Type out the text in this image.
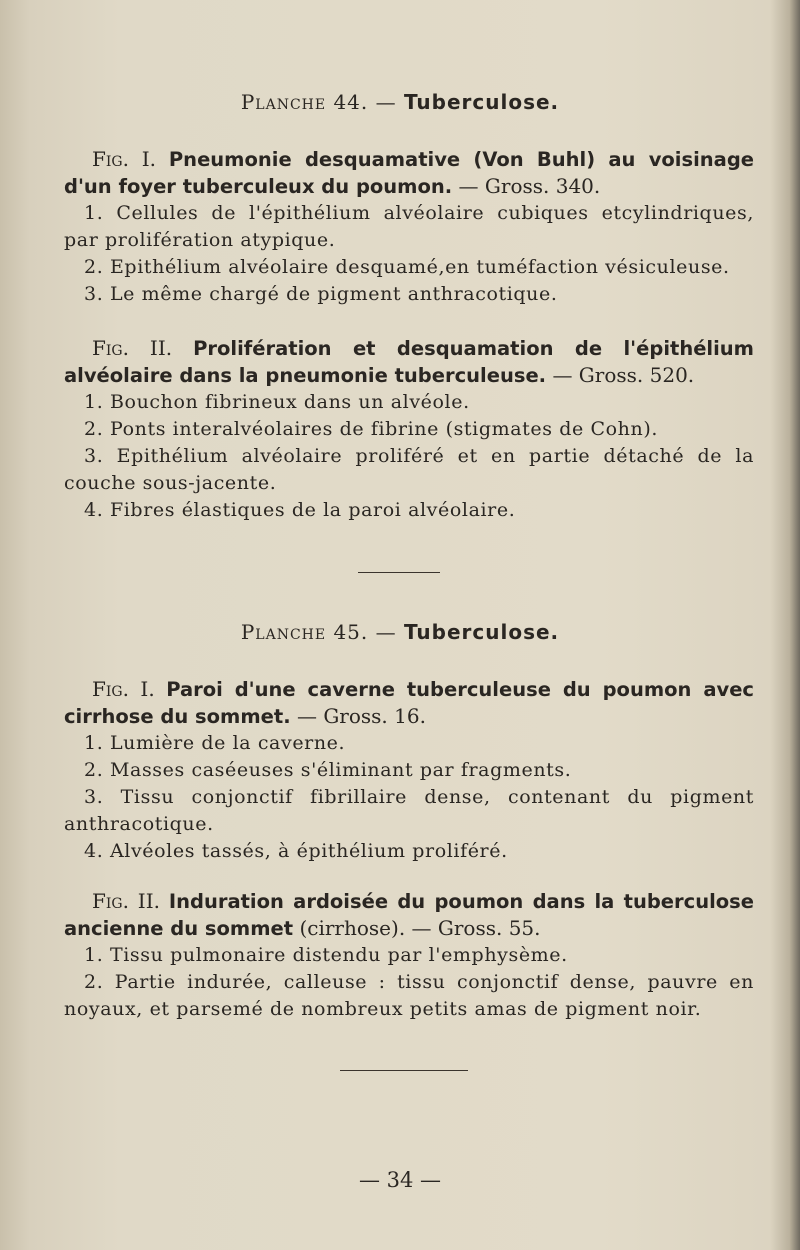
Planche 44. — Tuberculose.
Fig. I. Pneumonie desquamative (Von Buhl) au voisinage d'un foyer tuberculeux du poumon. — Gross. 340.
1. Cellules de l'épithélium alvéolaire cubiques etcylindriques, par prolifération atypique.
2. Epithélium alvéolaire desquamé,en tuméfaction vésiculeuse.
3. Le même chargé de pigment anthracotique.
Fig. II. Prolifération et desquamation de l'épithélium alvéolaire dans la pneumonie tuberculeuse. — Gross. 520.
1. Bouchon fibrineux dans un alvéole.
2. Ponts interalvéolaires de fibrine (stigmates de Cohn).
3. Epithélium alvéolaire proliféré et en partie détaché de la couche sous-jacente.
4. Fibres élastiques de la paroi alvéolaire.
Planche 45. — Tuberculose.
Fig. I. Paroi d'une caverne tuberculeuse du poumon avec cirrhose du sommet. — Gross. 16.
1. Lumière de la caverne.
2. Masses caséeuses s'éliminant par fragments.
3. Tissu conjonctif fibrillaire dense, contenant du pigment anthracotique.
4. Alvéoles tassés, à épithélium proliféré.
Fig. II. Induration ardoisée du poumon dans la tuberculose ancienne du sommet (cirrhose). — Gross. 55.
1. Tissu pulmonaire distendu par l'emphysème.
2. Partie indurée, calleuse : tissu conjonctif dense, pauvre en noyaux, et parsemé de nombreux petits amas de pigment noir.
— 34 —
